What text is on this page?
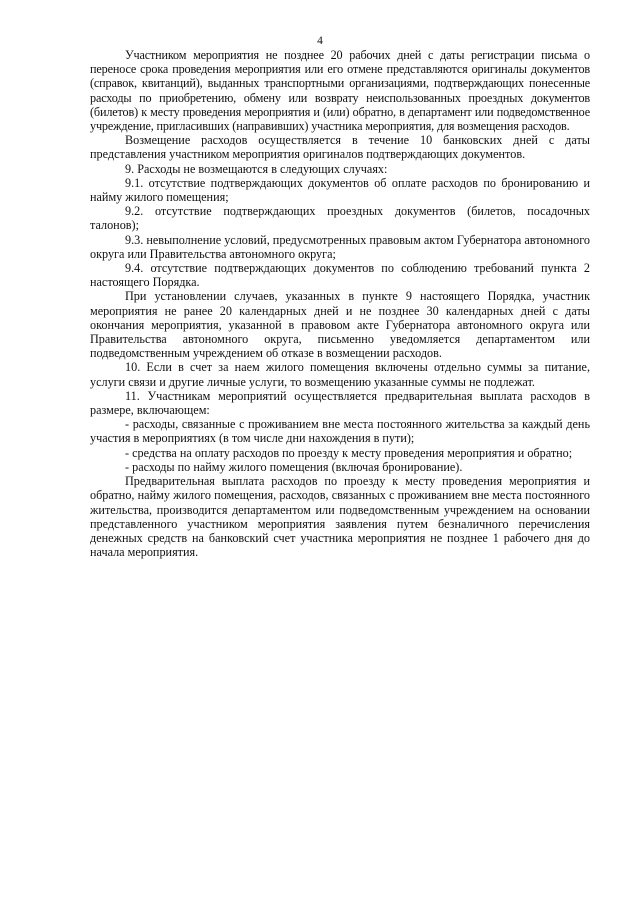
4

Участником мероприятия не позднее 20 рабочих дней с даты регистрации письма о переносе срока проведения мероприятия или его отмене представляются оригиналы документов (справок, квитанций), выданных транспортными организациями, подтверждающих понесенные расходы по приобретению, обмену или возврату неиспользованных проездных документов (билетов) к месту проведения мероприятия и (или) обратно, в департамент или подведомственное учреждение, пригласивших (направивших) участника мероприятия, для возмещения расходов.

Возмещение расходов осуществляется в течение 10 банковских дней с даты представления участником мероприятия оригиналов подтверждающих документов.

9. Расходы не возмещаются в следующих случаях:

9.1. отсутствие подтверждающих документов об оплате расходов по бронированию и найму жилого помещения;

9.2. отсутствие подтверждающих проездных документов (билетов, посадочных талонов);

9.3. невыполнение условий, предусмотренных правовым актом Губернатора автономного округа или Правительства автономного округа;

9.4. отсутствие подтверждающих документов по соблюдению требований пункта 2 настоящего Порядка.

При установлении случаев, указанных в пункте 9 настоящего Порядка, участник мероприятия не ранее 20 календарных дней и не позднее 30 календарных дней с даты окончания мероприятия, указанной в правовом акте Губернатора автономного округа или Правительства автономного округа, письменно уведомляется департаментом или подведомственным учреждением об отказе в возмещении расходов.

10. Если в счет за наем жилого помещения включены отдельно суммы за питание, услуги связи и другие личные услуги, то возмещению указанные суммы не подлежат.

11. Участникам мероприятий осуществляется предварительная выплата расходов в размере, включающем:

- расходы, связанные с проживанием вне места постоянного жительства за каждый день участия в мероприятиях (в том числе дни нахождения в пути);

- средства на оплату расходов по проезду к месту проведения мероприятия и обратно;

- расходы по найму жилого помещения (включая бронирование).

Предварительная выплата расходов по проезду к месту проведения мероприятия и обратно, найму жилого помещения, расходов, связанных с проживанием вне места постоянного жительства, производится департаментом или подведомственным учреждением на основании представленного участником мероприятия заявления путем безналичного перечисления денежных средств на банковский счет участника мероприятия не позднее 1 рабочего дня до начала мероприятия.
